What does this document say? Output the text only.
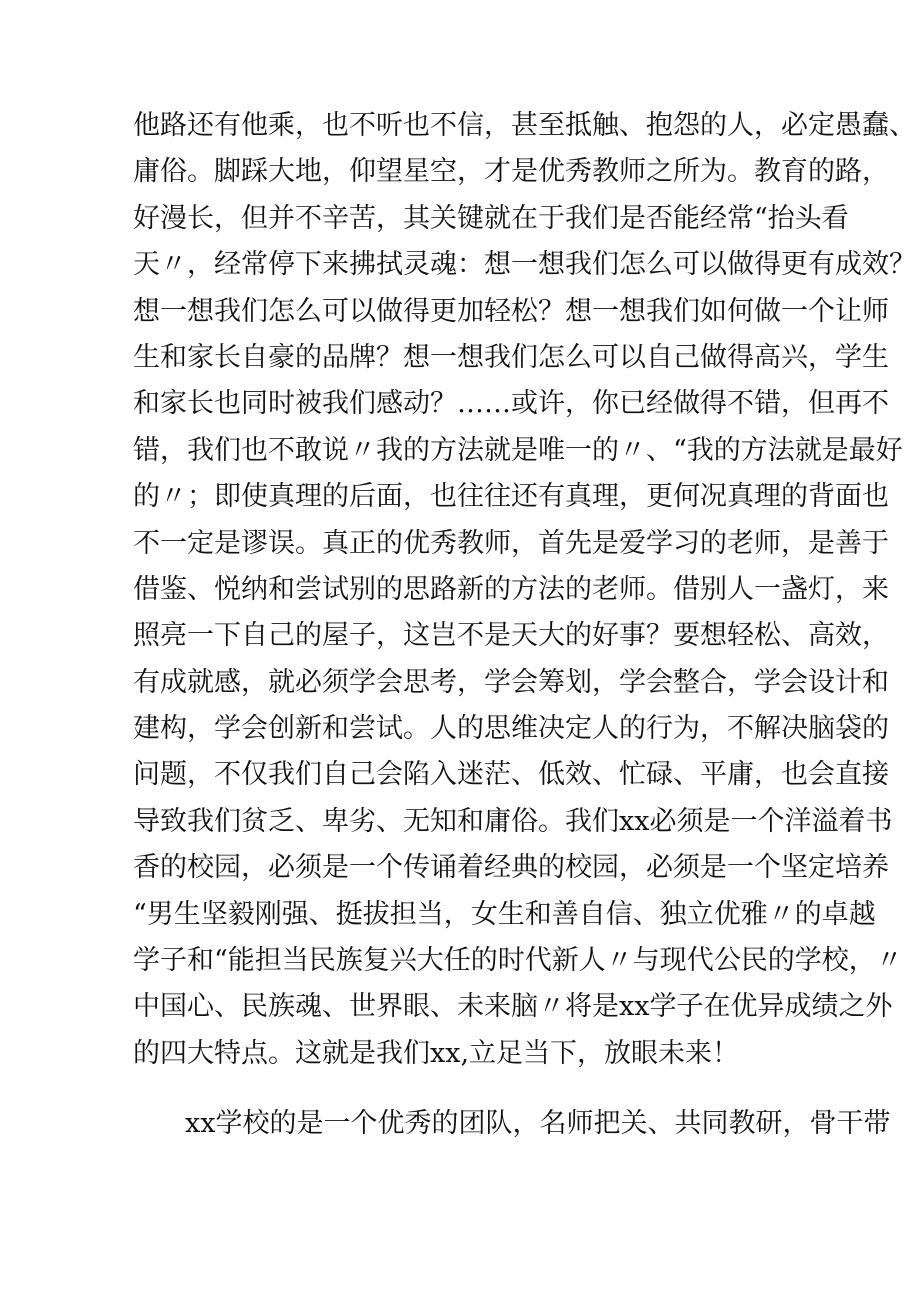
他路还有他乘，也不听也不信，甚至抵触、抱怨的人，必定愚蠢、
庸俗。脚踩大地，仰望星空，才是优秀教师之所为。教育的路，
好漫长，但并不辛苦，其关键就在于我们是否能经常“抬头看
天〃，经常停下来拂拭灵魂：想一想我们怎么可以做得更有成效？
想一想我们怎么可以做得更加轻松？想一想我们如何做一个让师
生和家长自豪的品牌？想一想我们怎么可以自己做得高兴，学生
和家长也同时被我们感动？……或许，你已经做得不错，但再不
错，我们也不敢说〃我的方法就是唯一的〃、“我的方法就是最好
的〃；即使真理的后面，也往往还有真理，更何况真理的背面也
不一定是谬误。真正的优秀教师，首先是爱学习的老师，是善于
借鉴、悦纳和尝试别的思路新的方法的老师。借别人一盏灯，来
照亮一下自己的屋子，这岂不是天大的好事？要想轻松、高效，
有成就感，就必须学会思考，学会筹划，学会整合，学会设计和
建构，学会创新和尝试。人的思维决定人的行为，不解决脑袋的
问题，不仅我们自己会陷入迷茫、低效、忙碌、平庸，也会直接
导致我们贫乏、卑劣、无知和庸俗。我们xx必须是一个洋溢着书
香的校园，必须是一个传诵着经典的校园，必须是一个坚定培养
“男生坚毅刚强、挺拔担当，女生和善自信、独立优雅〃的卓越
学子和“能担当民族复兴大任的时代新人〃与现代公民的学校，〃
中国心、民族魂、世界眼、未来脑〃将是xx学子在优异成绩之外
的四大特点。这就是我们xx,立足当下，放眼未来！
xx学校的是一个优秀的团队，名师把关、共同教研，骨干带
